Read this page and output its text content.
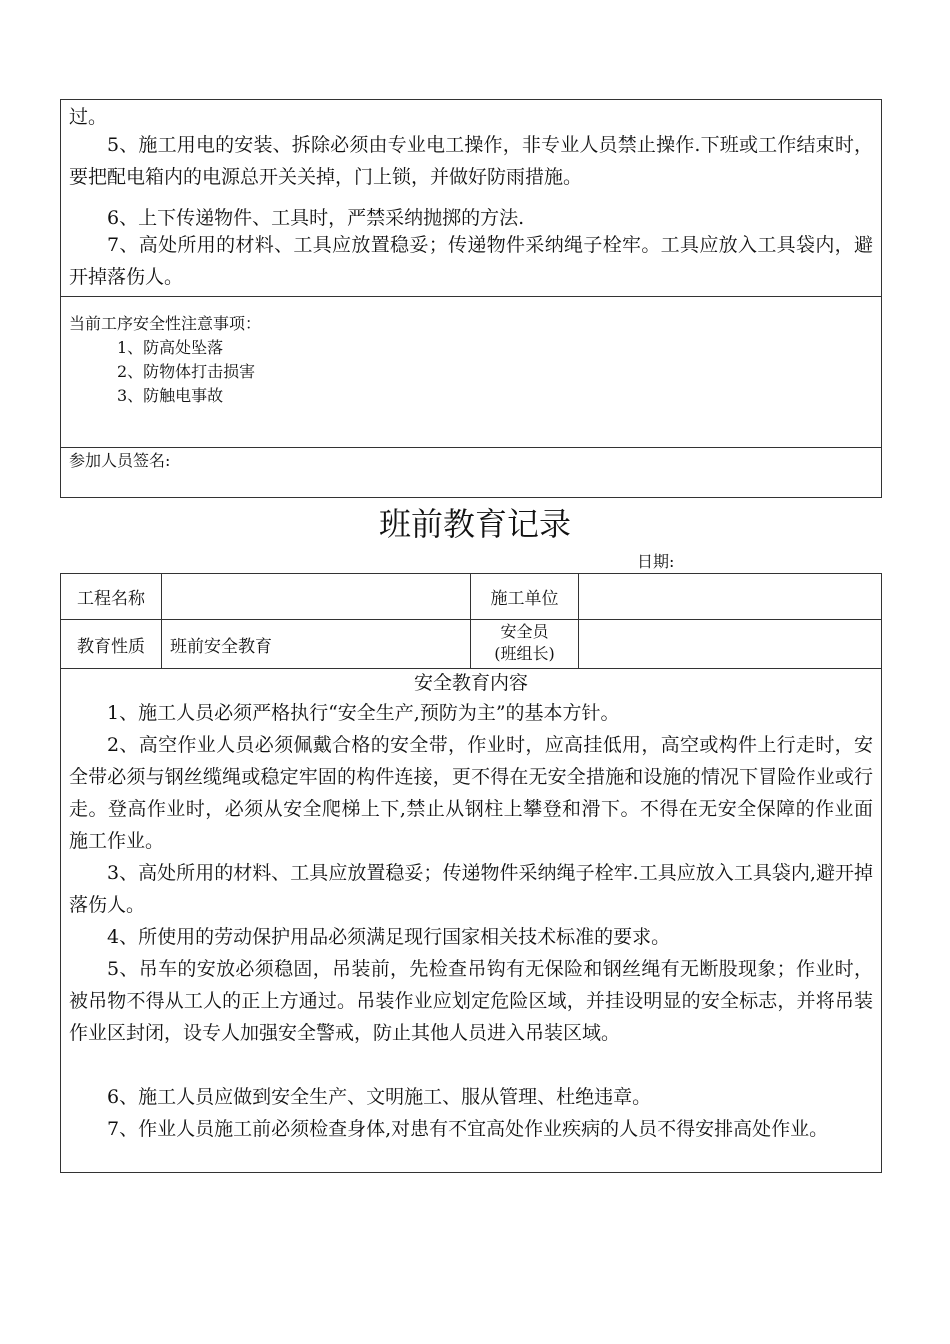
过。

5、施工用电的安装、拆除必须由专业电工操作，非专业人员禁止操作.下班或工作结束时，要把配电箱内的电源总开关关掉，门上锁，并做好防雨措施。

6、上下传递物件、工具时，严禁采纳抛掷的方法.

7、高处所用的材料、工具应放置稳妥；传递物件采纳绳子栓牢。工具应放入工具袋内，避开掉落伤人。

当前工序安全性注意事项：
1、防高处坠落
2、防物体打击损害
3、防触电事故
参加人员签名:
班前教育记录
日期:
工程名称	施工单位
教育性质	班前安全教育
安全员
(班组长)
安全教育内容

1、施工人员必须严格执行“安全生产,预防为主”的基本方针。

2、高空作业人员必须佩戴合格的安全带，作业时，应高挂低用，高空或构件上行走时，安全带必须与钢丝缆绳或稳定牢固的构件连接，更不得在无安全措施和设施的情况下冒险作业或行走。登高作业时，必须从安全爬梯上下,禁止从钢柱上攀登和滑下。不得在无安全保障的作业面施工作业。

3、高处所用的材料、工具应放置稳妥；传递物件采纳绳子栓牢.工具应放入工具袋内,避开掉落伤人。

4、所使用的劳动保护用品必须满足现行国家相关技术标准的要求。

5、吊车的安放必须稳固，吊装前，先检查吊钩有无保险和钢丝绳有无断股现象；作业时，被吊物不得从工人的正上方通过。吊装作业应划定危险区域，并挂设明显的安全标志，并将吊装作业区封闭，设专人加强安全警戒，防止其他人员进入吊装区域。

6、施工人员应做到安全生产、文明施工、服从管理、杜绝违章。

7、作业人员施工前必须检查身体,对患有不宜高处作业疾病的人员不得安排高处作业。
